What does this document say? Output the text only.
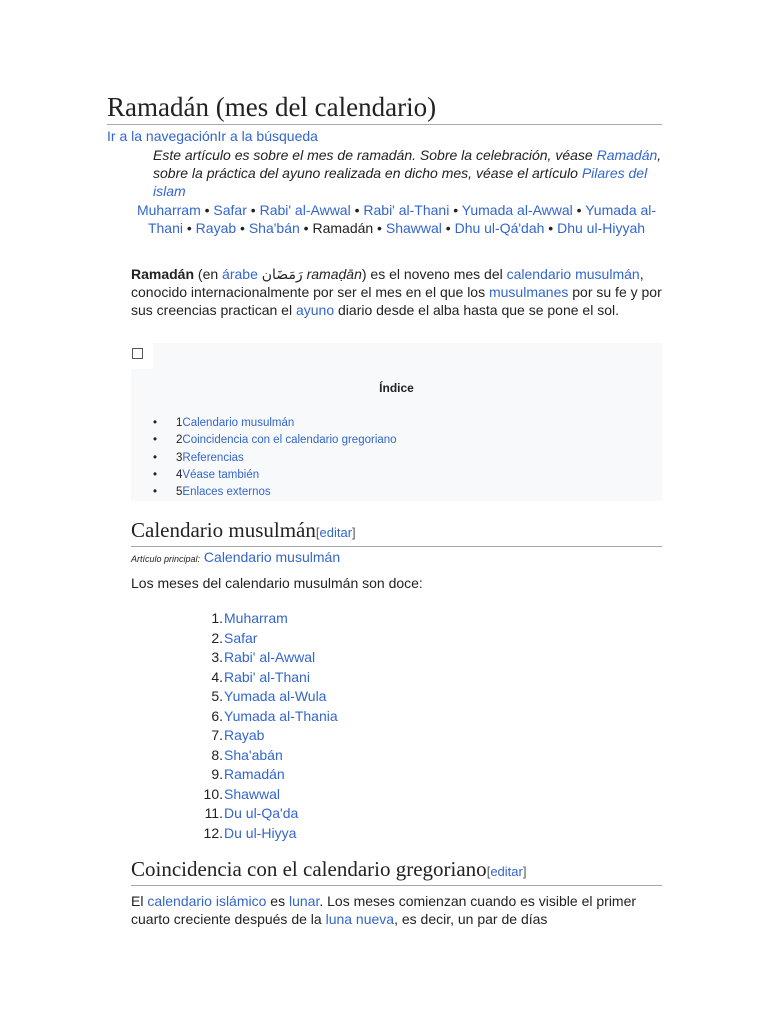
Ramadán (mes del calendario)
Ir a la navegaciónIr a la búsqueda
Este artículo es sobre el mes de ramadán. Sobre la celebración, véase Ramadán, sobre la práctica del ayuno realizada en dicho mes, véase el artículo Pilares del islam
Muharram • Safar • Rabi' al-Awwal • Rabi' al-Thani • Yumada al-Awwal • Yumada al-Thani • Rayab • Sha'bán • Ramadán • Shawwal • Dhu ul-Qá'dah • Dhu ul-Hiyyah
Ramadán (en árabe رَمَضَان ramaḍān) es el noveno mes del calendario musulmán, conocido internacionalmente por ser el mes en el que los musulmanes por su fe y por sus creencias practican el ayuno diario desde el alba hasta que se pone el sol.
Índice
• 1Calendario musulmán
• 2Coincidencia con el calendario gregoriano
• 3Referencias
• 4Véase también
• 5Enlaces externos
Calendario musulmán[editar]
Artículo principal: Calendario musulmán
Los meses del calendario musulmán son doce:
1. Muharram
2. Safar
3. Rabi' al-Awwal
4. Rabi' al-Thani
5. Yumada al-Wula
6. Yumada al-Thania
7. Rayab
8. Sha'abán
9. Ramadán
10. Shawwal
11. Du ul-Qa'da
12. Du ul-Hiyya
Coincidencia con el calendario gregoriano[editar]
El calendario islámico es lunar. Los meses comienzan cuando es visible el primer cuarto creciente después de la luna nueva, es decir, un par de días
